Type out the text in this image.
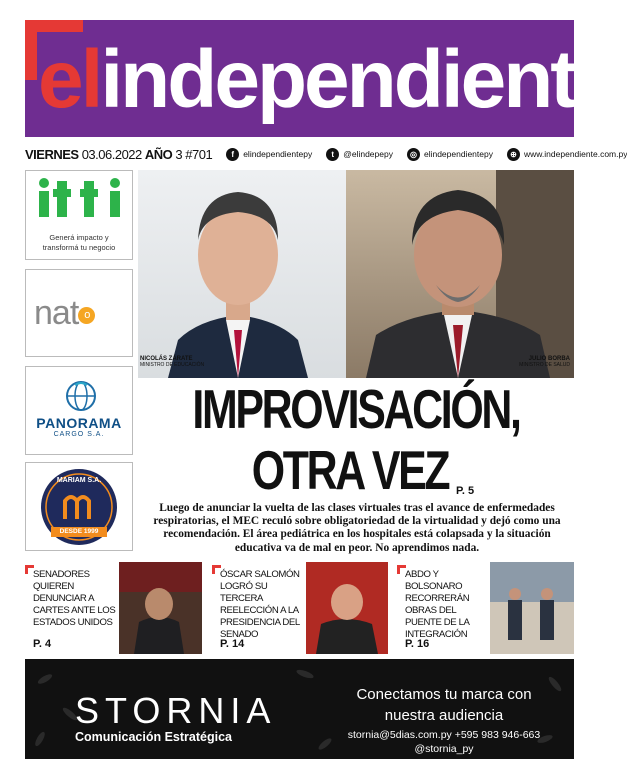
elindependiente
VIERNES 03.06.2022 AÑO 3 #701	f	elindependientepy	t	@elindepepy	◎ elindependientepy	⊕ www.independiente.com.py
Generá impacto y
transformá tu negocio
nat o
PANORAMA
CARGO S.A.
MARIAM S.A.
DESDE 1999
NICOLÁS ZÁRATE
MINISTRO DE EDUCACIÓN
JULIO BORBA
MINISTRO DE SALUD
IMPROVISACIÓN,
OTRA VEZ P. 5
Luego de anunciar la vuelta de las clases virtuales tras el avance de enfermedades respiratorias, el MEC reculó sobre obligatoriedad de la virtualidad y dejó como una recomendación. El área pediátrica en los hospitales está colapsada y la situación educativa va de mal en peor. No aprendimos nada.
SENADORES QUIEREN DENUNCIAR A CARTES ANTE LOS ESTADOS UNIDOS
P. 4
ÓSCAR SALOMÓN LOGRÓ SU TERCERA REELECCIÓN A LA PRESIDENCIA DEL SENADO
P. 14
ABDO Y BOLSONARO RECORRERÁN OBRAS DEL PUENTE DE LA INTEGRACIÓN
P. 16
STORNIA
Comunicación Estratégica
Conectamos tu marca con
nuestra audiencia
stornia@5dias.com.py +595 983 946-663
@stornia_py
